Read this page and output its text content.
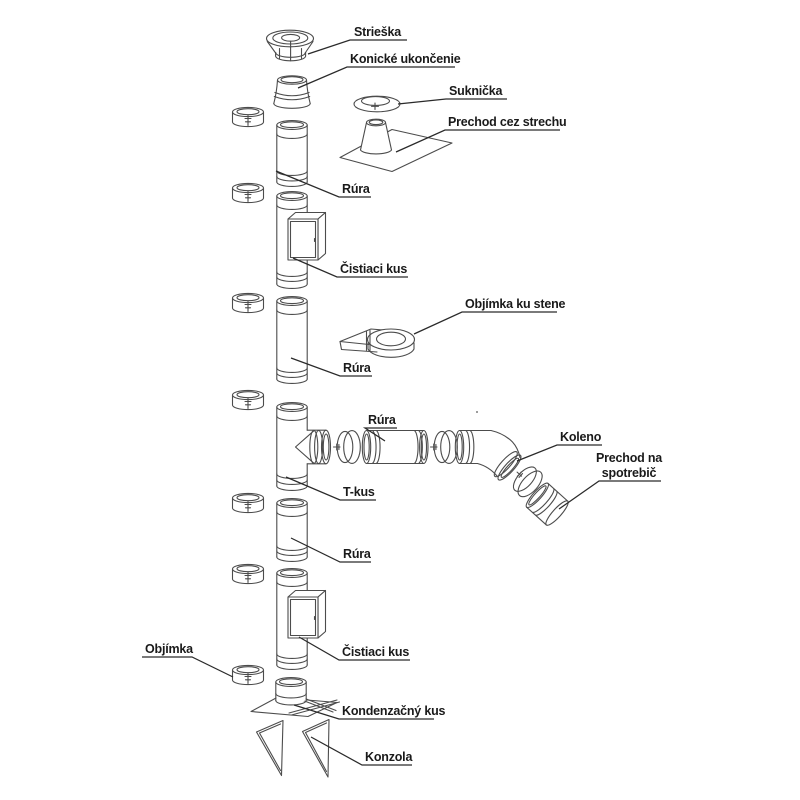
Strieška
Konické ukončenie
Suknička
Prechod cez strechu
Rúra
Čistiaci kus
Objímka ku stene
Rúra
Rúra
Koleno
Prechod na
spotrebič
T-kus
Rúra
Čistiaci kus
Objímka
Kondenzačný kus
Konzola
